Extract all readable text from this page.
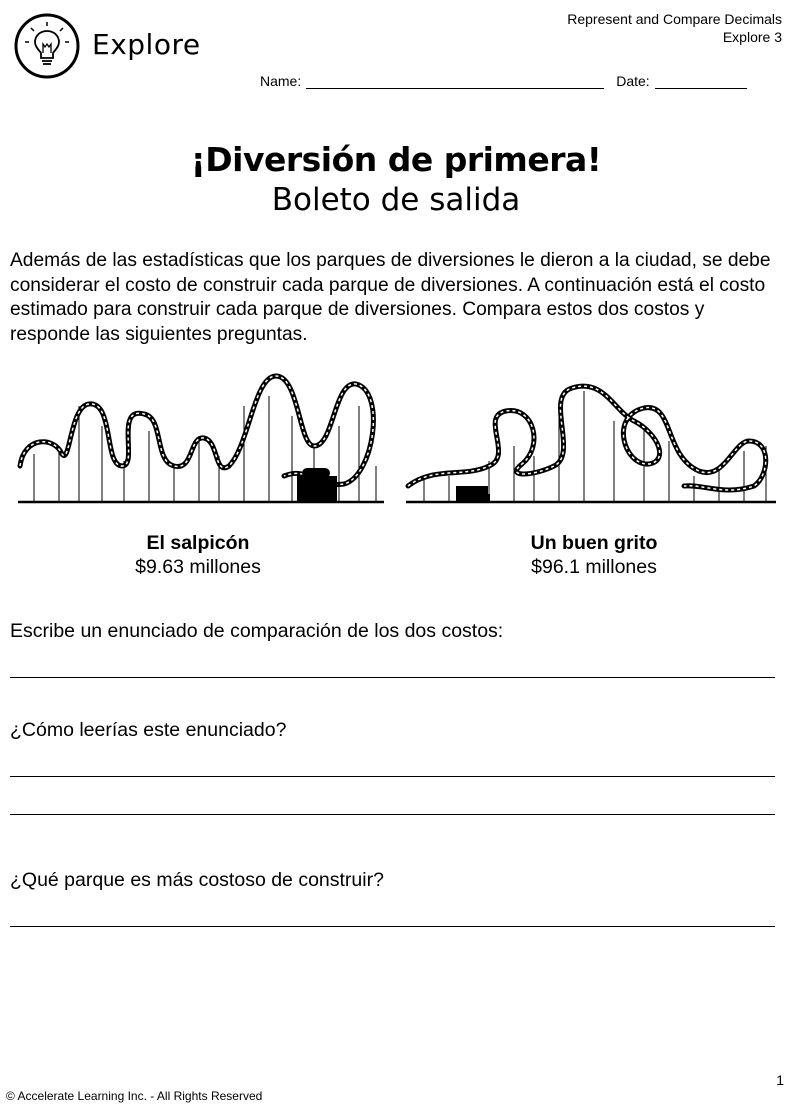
Explore
Represent and Compare Decimals
Explore 3
Name:	Date:
¡Diversión de primera!
Boleto de salida
Además de las estadísticas que los parques de diversiones le dieron a la ciudad, se debe considerar el costo de construir cada parque de diversiones. A continuación está el costo estimado para construir cada parque de diversiones. Compara estos dos costos y responde las siguientes preguntas.
El salpicón
$9.63 millones
Un buen grito
$96.1 millones
Escribe un enunciado de comparación de los dos costos:
¿Cómo leerías este enunciado?
¿Qué parque es más costoso de construir?
© Accelerate Learning Inc. - All Rights Reserved
1
